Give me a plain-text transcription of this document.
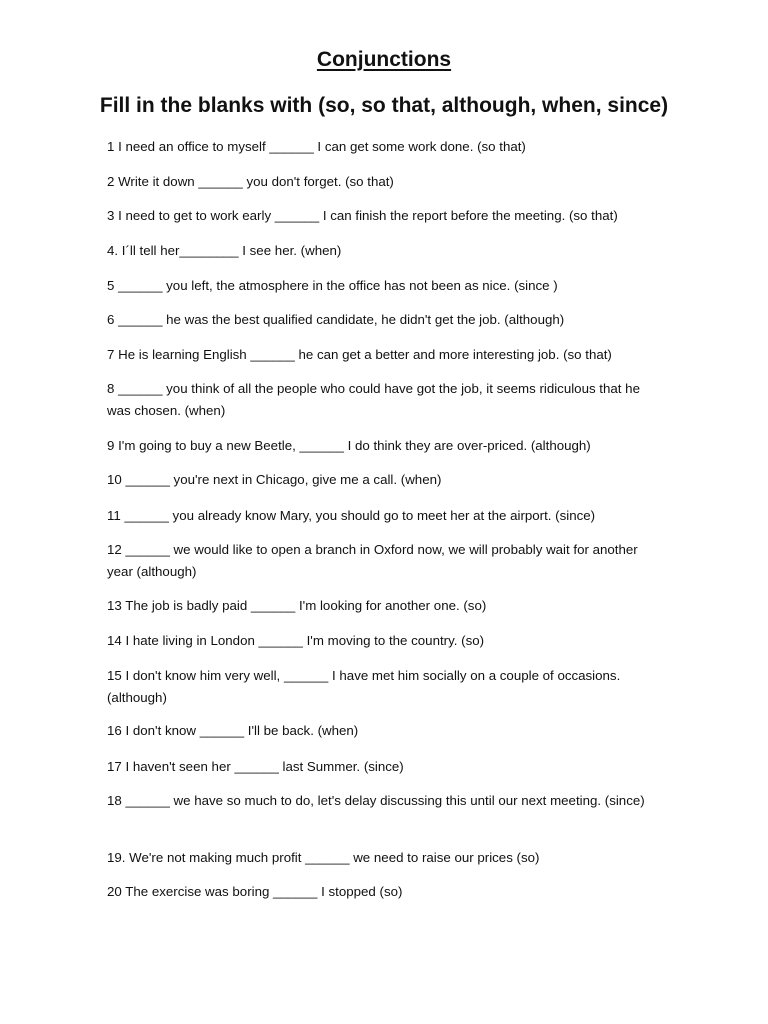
Conjunctions
Fill in the blanks with (so, so that, although, when, since)

1 I need an office to myself ______ I can get some work done. (so that)

2 Write it down ______ you don't forget. (so that)

3 I need to get to work early ______ I can finish the report before the meeting. (so that)

4. I´ll tell her________ I see her. (when)

5 ______ you left, the atmosphere in the office has not been as nice. (since )

6 ______ he was the best qualified candidate, he didn't get the job. (although)

7 He is learning English ______ he can get a better and more interesting job. (so that)

8 ______ you think of all the people who could have got the job, it seems ridiculous that he was chosen. (when)

9 I'm going to buy a new Beetle, ______ I do think they are over-priced. (although)

10 ______ you're next in Chicago, give me a call. (when)

11 ______ you already know Mary, you should go to meet her at the airport. (since)

12 ______ we would like to open a branch in Oxford now, we will probably wait for another year (although)

13 The job is badly paid ______ I'm looking for another one. (so)

14 I hate living in London ______ I'm moving to the country. (so)

15 I don't know him very well, ______ I have met him socially on a couple of occasions. (although)

16 I don't know ______ I'll be back. (when)

17 I haven't seen her ______ last Summer. (since)

18 ______ we have so much to do, let's delay discussing this until our next meeting. (since)

19. We're not making much profit ______ we need to raise our prices (so)

20 The exercise was boring ______ I stopped (so)
